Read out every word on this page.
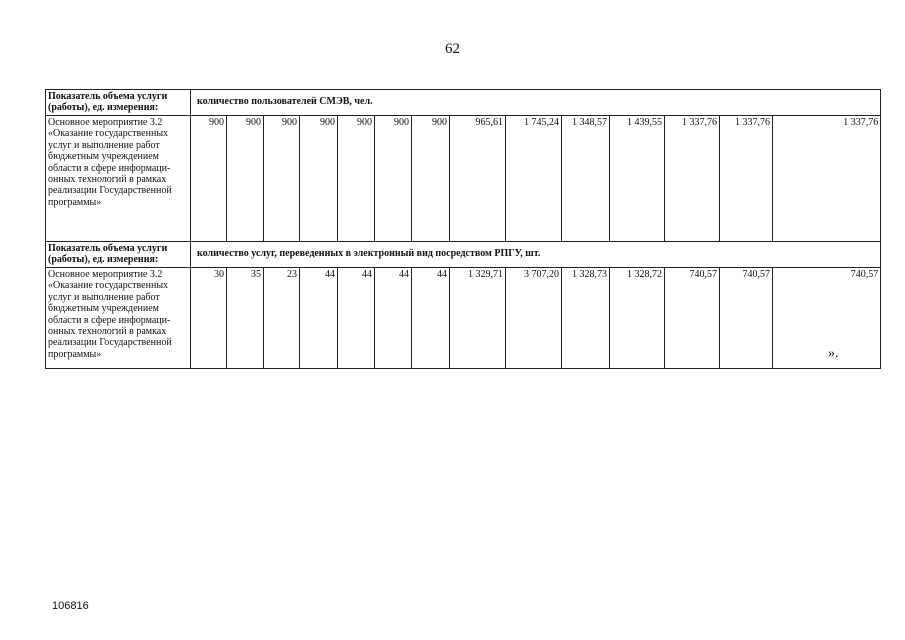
62
Показатель объема услуги (работы), ед. измерения:	количество пользователей СМЭВ, чел.													
Основное мероприятие 3.2 «Оказание государственных услуг и выполнение работ бюджетным учреждением области в сфере информаци-онных технологий в рамках реализации Государственной программы»	900	900	900	900	900	900	900	965,61	1 745,24	1 348,57	1 439,55	1 337,76	1 337,76	1 337,76
Показатель объема услуги (работы), ед. измерения:	количество услуг, переведенных в электронный вид посредством РПГУ, шт.													
Основное мероприятие 3.2 «Оказание государственных услуг и выполнение работ бюджетным учреждением области в сфере информаци-онных технологий в рамках реализации Государственной программы»	30	35	23	44	44	44	44	1 329,71	3 707,20	1 328,73	1 328,72	740,57	740,57	740,57
».
106816
